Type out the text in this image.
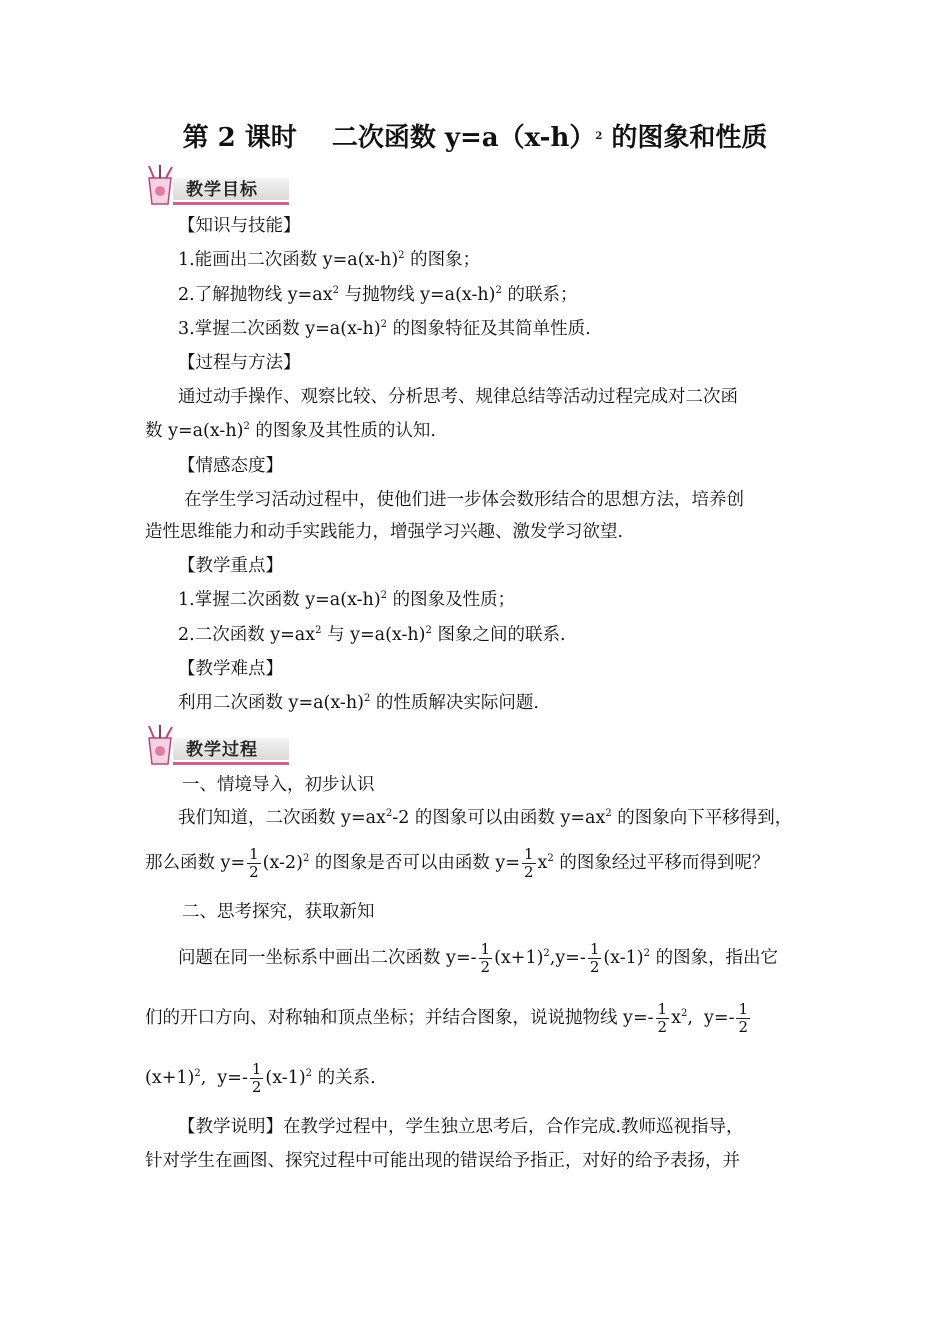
第 2 课时　 二次函数 $y=a(x-h)^2$ 的图象和性质
教学目标
【知识与技能】
1.能画出二次函数 $y=a(x-h)^2$ 的图象；
2.了解抛物线 $y=ax^2$ 与抛物线 $y=a(x-h)^2$ 的联系；
3.掌握二次函数 $y=a(x-h)^2$ 的图象特征及其简单性质.
【过程与方法】
通过动手操作、观察比较、分析思考、规律总结等活动过程完成对二次函
数 $y=a(x-h)^2$ 的图象及其性质的认知.
【情感态度】
在学生学习活动过程中，使他们进一步体会数形结合的思想方法，培养创
造性思维能力和动手实践能力，增强学习兴趣、激发学习欲望.
【教学重点】
1.掌握二次函数 $y=a(x-h)^2$ 的图象及性质；
2.二次函数 $y=ax^2$ 与 $y=a(x-h)^2$ 图象之间的联系.
【教学难点】
利用二次函数 $y=a(x-h)^2$ 的性质解决实际问题.
教学过程
一、情境导入，初步认识
我们知道，二次函数 $y=ax^2-2$ 的图象可以由函数 $y=ax^2$ 的图象向下平移得到，
那么函数 $y= \frac{1}{2} (x-2)^2$ 的图象是否可以由函数 $y= \frac{1}{2} x^2$ 的图象经过平移而得到呢？
二、思考探究，获取新知
问题在同一坐标系中画出二次函数 $y=- \frac{1}{2} (x+1)^2,y=- \frac{1}{2} (x-1)^2$ 的图象，指出它
们的开口方向、对称轴和顶点坐标；并结合图象，说说抛物线 $y=- \frac{1}{2} x^2$,  $y=- \frac{1}{2}$
$(x+1)^2$,  $y=- \frac{1}{2} (x-1)^2$ 的关系.
【教学说明】在教学过程中，学生独立思考后，合作完成.教师巡视指导，
针对学生在画图、探究过程中可能出现的错误给予指正，对好的给予表扬，并
